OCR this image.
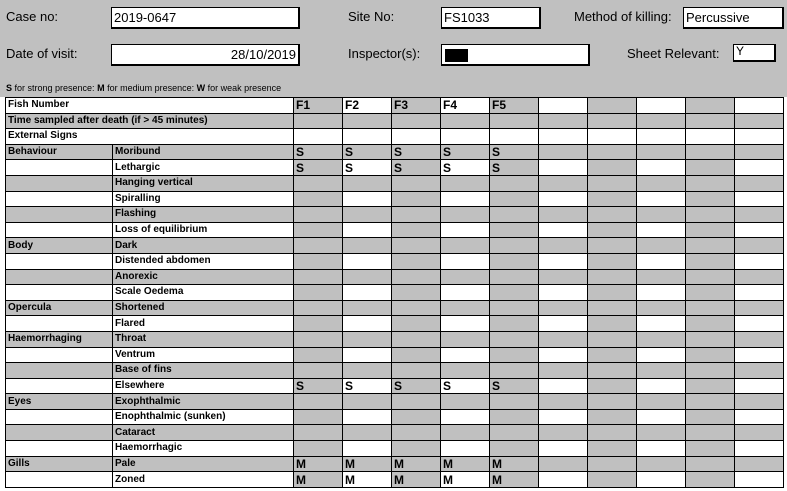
Case no:	2019-0647	Site No:	FS1033	Method of killing: Percussive
Date of visit:	28/10/2019	Inspector(s):	Sheet Relevant: Y
S for strong presence: M for medium presence: W for weak presence
Fish Number		F1	F2	F3	F4	F5					
Time sampled after death (if > 45 minutes)											
External Signs											
Behaviour	Moribund	S	S	S	S	S					
	Lethargic	S	S	S	S	S					
	Hanging vertical										
	Spiralling										
	Flashing										
	Loss of equilibrium										
Body	Dark										
	Distended abdomen										
	Anorexic										
	Scale Oedema										
Opercula	Shortened										
	Flared										
Haemorrhaging	Throat										
	Ventrum										
	Base of fins										
	Elsewhere	S	S	S	S	S					
Eyes	Exophthalmic										
	Enophthalmic (sunken)										
	Cataract										
	Haemorrhagic										
Gills	Pale	M	M	M	M	M					
	Zoned	M	M	M	M	M					
